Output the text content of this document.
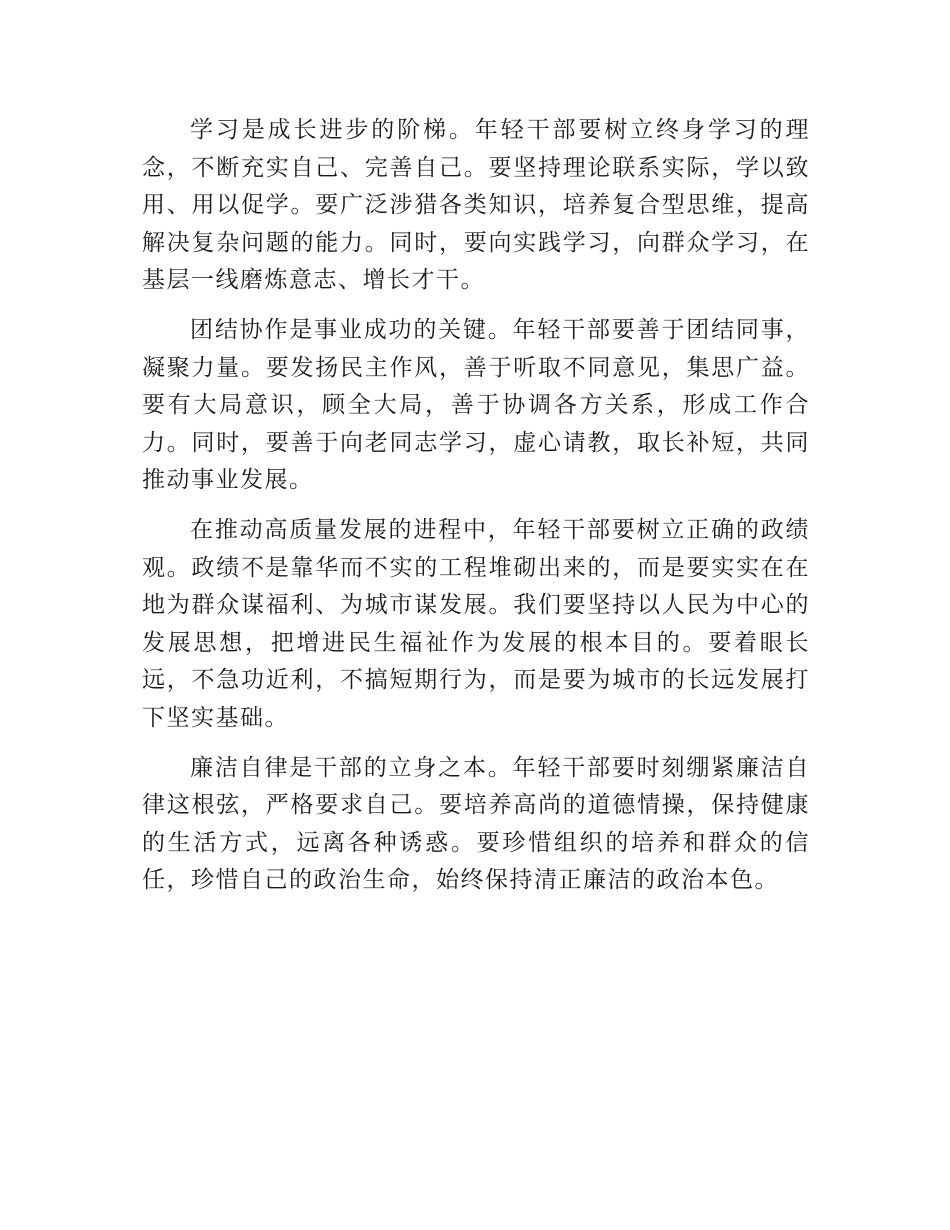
学习是成长进步的阶梯。年轻干部要树立终身学习的理念，不断充实自己、完善自己。要坚持理论联系实际，学以致用、用以促学。要广泛涉猎各类知识，培养复合型思维，提高解决复杂问题的能力。同时，要向实践学习，向群众学习，在基层一线磨炼意志、增长才干。

团结协作是事业成功的关键。年轻干部要善于团结同事，凝聚力量。要发扬民主作风，善于听取不同意见，集思广益。要有大局意识，顾全大局，善于协调各方关系，形成工作合力。同时，要善于向老同志学习，虚心请教，取长补短，共同推动事业发展。

在推动高质量发展的进程中，年轻干部要树立正确的政绩观。政绩不是靠华而不实的工程堆砌出来的，而是要实实在在地为群众谋福利、为城市谋发展。我们要坚持以人民为中心的发展思想，把增进民生福祉作为发展的根本目的。要着眼长远，不急功近利，不搞短期行为，而是要为城市的长远发展打下坚实基础。

廉洁自律是干部的立身之本。年轻干部要时刻绷紧廉洁自律这根弦，严格要求自己。要培养高尚的道德情操，保持健康的生活方式，远离各种诱惑。要珍惜组织的培养和群众的信任，珍惜自己的政治生命，始终保持清正廉洁的政治本色。
